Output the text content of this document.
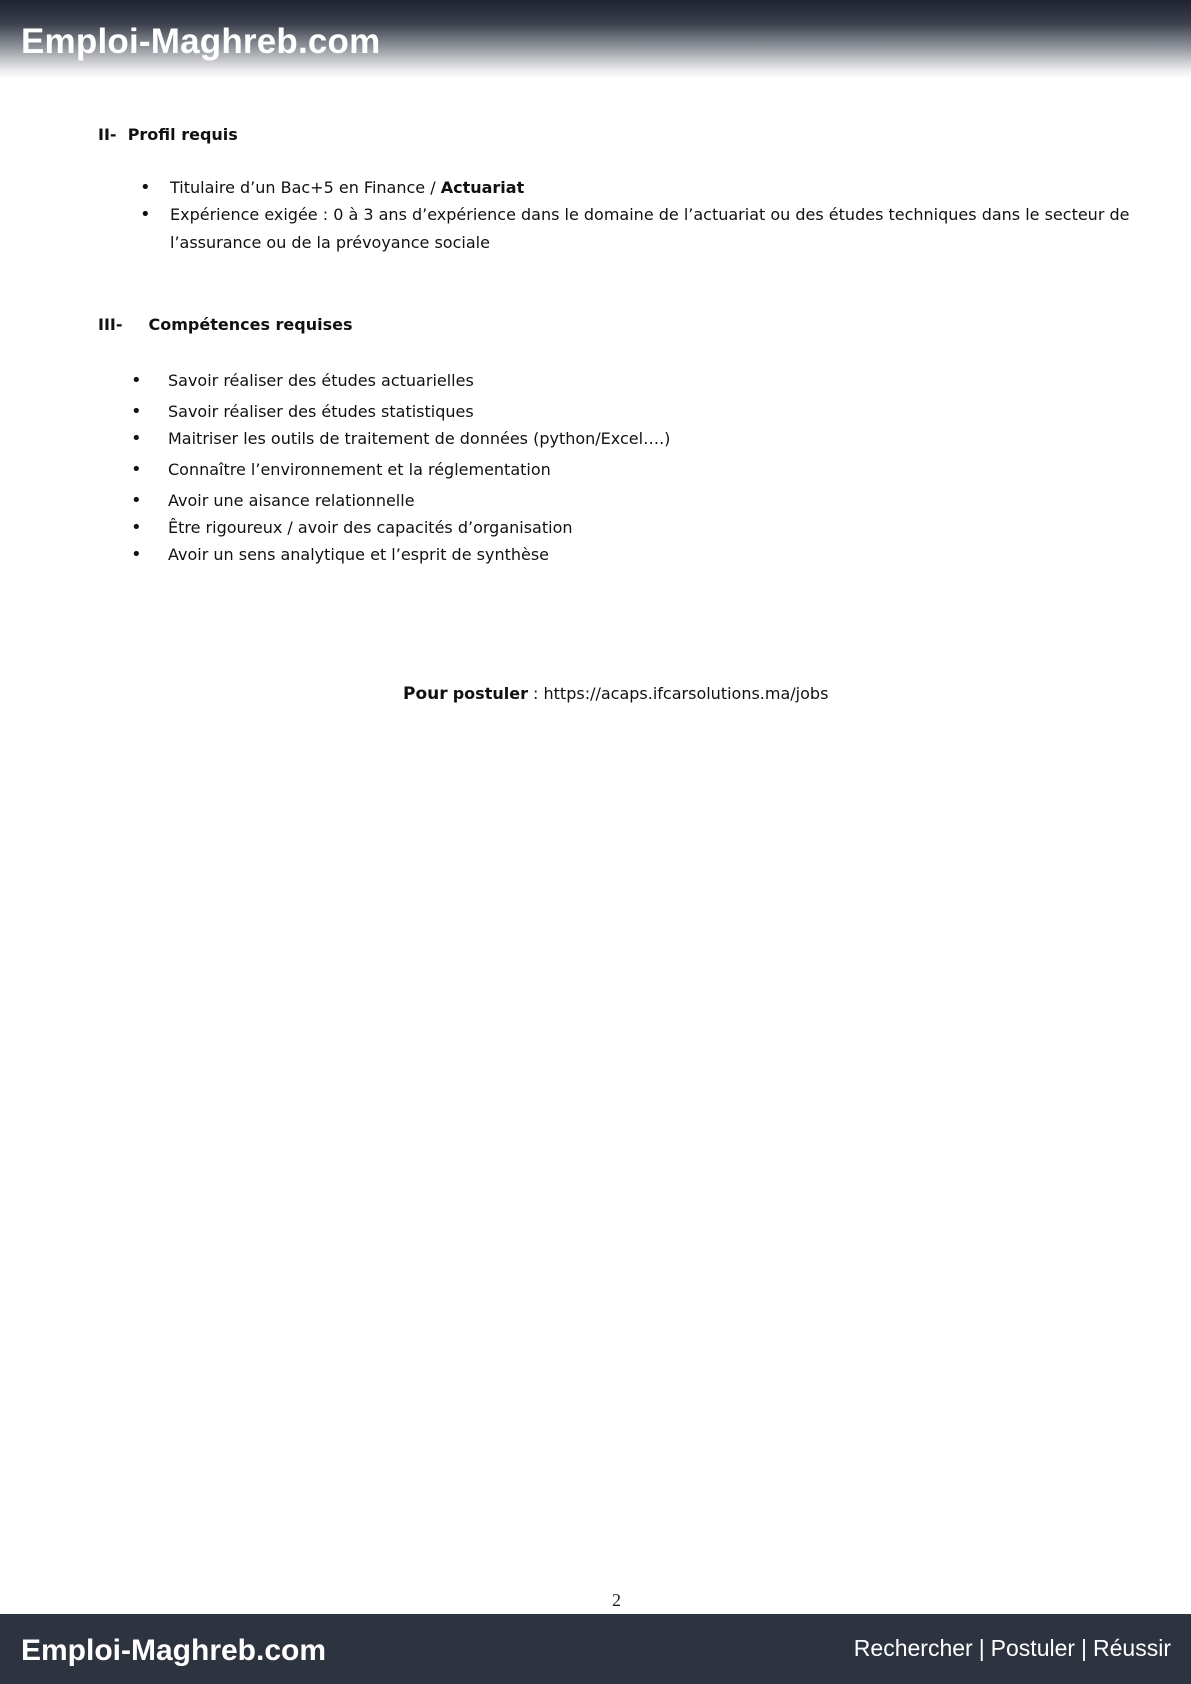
Emploi-Maghreb.com
II- Profil requis
• Titulaire d’un Bac+5 en Finance / Actuariat
• Expérience exigée : 0 à 3 ans d’expérience dans le domaine de l’actuariat ou des études techniques dans le secteur de
l’assurance ou de la prévoyance sociale
III- Compétences requises
• Savoir réaliser des études actuarielles
• Savoir réaliser des études statistiques
• Maitriser les outils de traitement de données (python/Excel….)
• Connaître l’environnement et la réglementation
• Avoir une aisance relationnelle
• Être rigoureux / avoir des capacités d’organisation
• Avoir un sens analytique et l’esprit de synthèse
Pour postuler : https://acaps.ifcarsolutions.ma/jobs
2
Emploi-Maghreb.com	Rechercher | Postuler | Réussir
